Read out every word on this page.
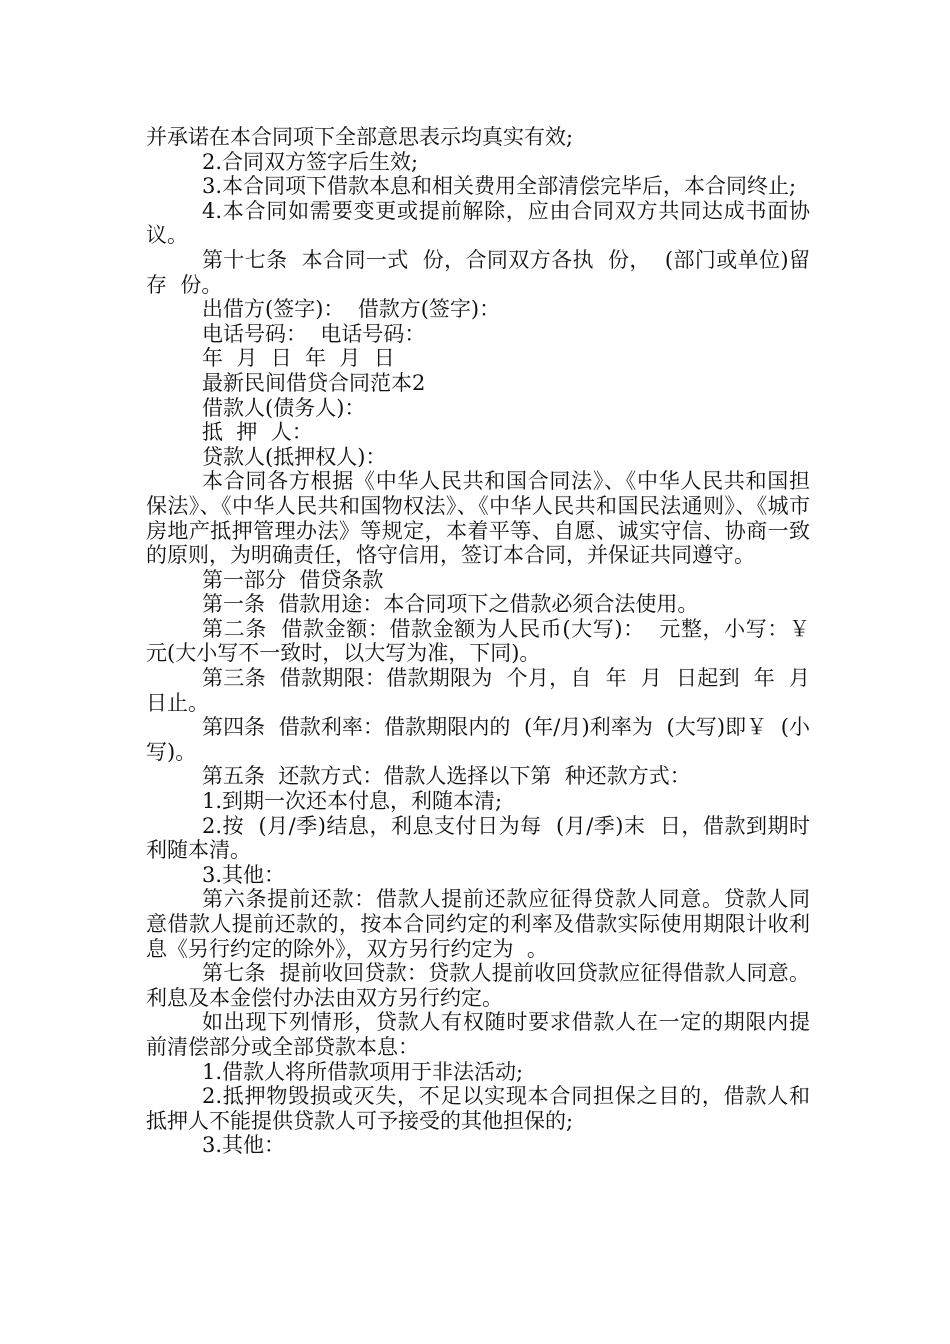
并承诺在本合同项下全部意思表示均真实有效;

2.合同双方签字后生效;

3.本合同项下借款本息和相关费用全部清偿完毕后，本合同终止;

4.本合同如需要变更或提前解除，应由合同双方共同达成书面协议。

第十七条  本合同一式  份，合同双方各执  份，  (部门或单位)留存  份。

出借方(签字)：  借款方(签字)：

电话号码：  电话号码：

年  月  日  年  月  日

最新民间借贷合同范本2

借款人(债务人)：

抵  押  人：

贷款人(抵押权人)：

本合同各方根据《中华人民共和国合同法》、《中华人民共和国担保法》、《中华人民共和国物权法》、《中华人民共和国民法通则》、《城市房地产抵押管理办法》等规定，本着平等、自愿、诚实守信、协商一致的原则，为明确责任，恪守信用，签订本合同，并保证共同遵守。

第一部分  借贷条款

第一条  借款用途：本合同项下之借款必须合法使用。

第二条  借款金额：借款金额为人民币(大写)：  元整，小写：￥  元(大小写不一致时，以大写为准，下同)。

第三条  借款期限：借款期限为  个月，自  年  月  日起到  年  月  日止。

第四条  借款利率：借款期限内的  (年/月)利率为  (大写)即￥  (小写)。

第五条  还款方式：借款人选择以下第  种还款方式：

1.到期一次还本付息，利随本清;

2.按  (月/季)结息，利息支付日为每  (月/季)末  日，借款到期时利随本清。

3.其他：

第六条提前还款：借款人提前还款应征得贷款人同意。贷款人同意借款人提前还款的，按本合同约定的利率及借款实际使用期限计收利息《另行约定的除外》，双方另行约定为  。

第七条  提前收回贷款：贷款人提前收回贷款应征得借款人同意。利息及本金偿付办法由双方另行约定。

如出现下列情形，贷款人有权随时要求借款人在一定的期限内提前清偿部分或全部贷款本息：

1.借款人将所借款项用于非法活动;

2.抵押物毁损或灭失，不足以实现本合同担保之目的，借款人和抵押人不能提供贷款人可予接受的其他担保的;

3.其他：
